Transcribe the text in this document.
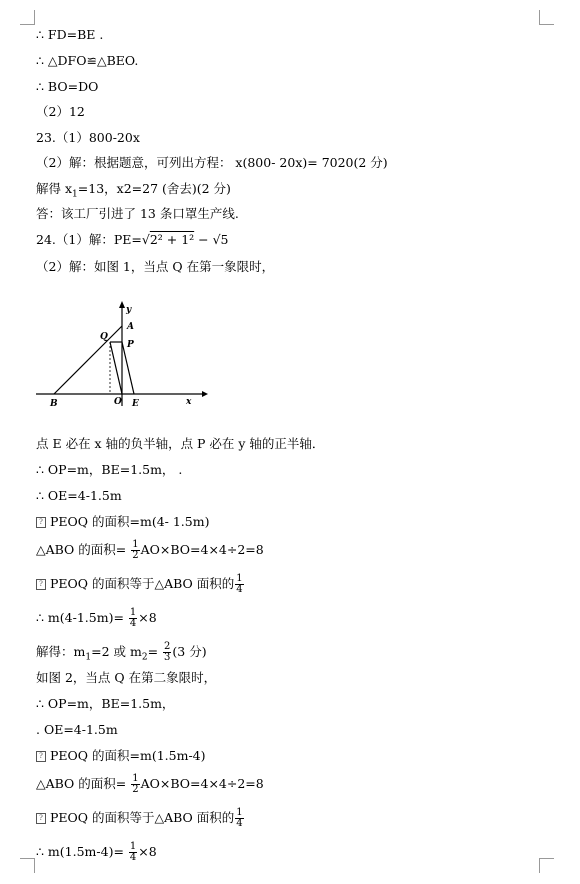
∴ FD=BE .
∴ △DFO≌△BEO.
∴ BO=DO
（2）12
23.（1）800-20x
（2）解：根据题意，可列出方程： x(800- 20x)= 7020(2 分)
解得 $x_1=13$，x2=27 (舍去)(2 分)
答：该工厂引进了 13 条口罩生产线.
24.（1）解：PE=√2² + 1² − √5
（2）解：如图 1，当点 Q 在第一象限时，
y
A
Q
P
B	O E	x
点 E 必在 x 轴的负半轴，点 P 必在 y 轴的正半轴．
∴ OP=m，BE=1.5m， .
∴ OE=4-1.5m
? PEOQ 的面积=m(4- 1.5m)
△ABO 的面积= $\frac{1}{2} AO\times BO=4\times 4\div 2=8$
? PEOQ 的面积等于△ABO 面积的 $\frac{1}{4}$
∴ $m(4-1.5m)= \frac{1}{4} \times 8$
解得：$m_1=2$ 或 $m_2= \frac{2}{3} (3$ 分)
如图 2，当点 Q 在第二象限时，
∴ OP=m，BE=1.5m，
. OE=4-1.5m
? PEOQ 的面积=m(1.5m-4)
△ABO 的面积= $\frac{1}{2} AO\times BO=4\times 4\div 2=8$
? PEOQ 的面积等于△ABO 面积的 $\frac{1}{4}$
∴ $m(1.5m-4)= \frac{1}{4} \times 8$
